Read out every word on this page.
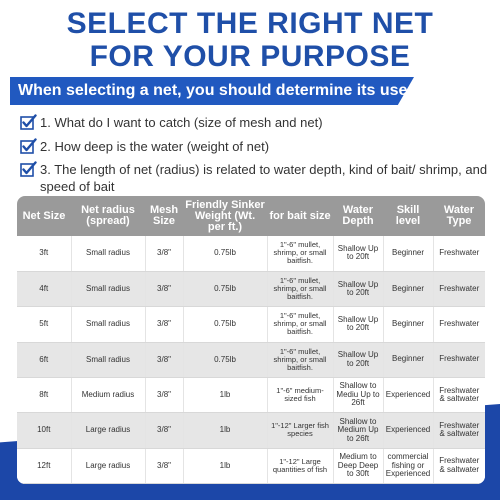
SELECT THE RIGHT NET
FOR YOUR PURPOSE
When selecting a net, you should determine its use:
1. What do I want to catch (size of mesh and net)
2. How deep is the water (weight of net)
3. The length of net (radius) is related to water depth, kind of bait/ shrimp, and speed of bait
Net Size	Net radius (spread)	Mesh Size	Friendly Sinker Weight (Wt. per ft.)	for bait size	Water Depth	Skill level	Water Type
3ft	Small radius	3/8"	0.75lb	1"-6" mullet, shrimp, or small baitfish.	Shallow Up to 20ft	Beginner	Freshwater
4ft	Small radius	3/8"	0.75lb	1"-6" mullet, shrimp, or small baitfish.	Shallow Up to 20ft	Beginner	Freshwater
5ft	Small radius	3/8"	0.75lb	1"-6" mullet, shrimp, or small baitfish.	Shallow Up to 20ft	Beginner	Freshwater
6ft	Small radius	3/8"	0.75lb	1"-6" mullet, shrimp, or small baitfish.	Shallow Up to 20ft	Beginner	Freshwater
8ft	Medium radius	3/8"	1lb	1"-6" medium-sized fish	Shallow to Mediu Up to 26ft	Experienced	Freshwater & saltwater
10ft	Large radius	3/8"	1lb	1"-12" Larger fish species	Shallow to Medium Up to 26ft	Experienced	Freshwater & saltwater
12ft	Large radius	3/8"	1lb	1"-12" Large quantities of fish	Medium to Deep Deep to 30ft	commercial fishing or Experienced	Freshwater & saltwater
